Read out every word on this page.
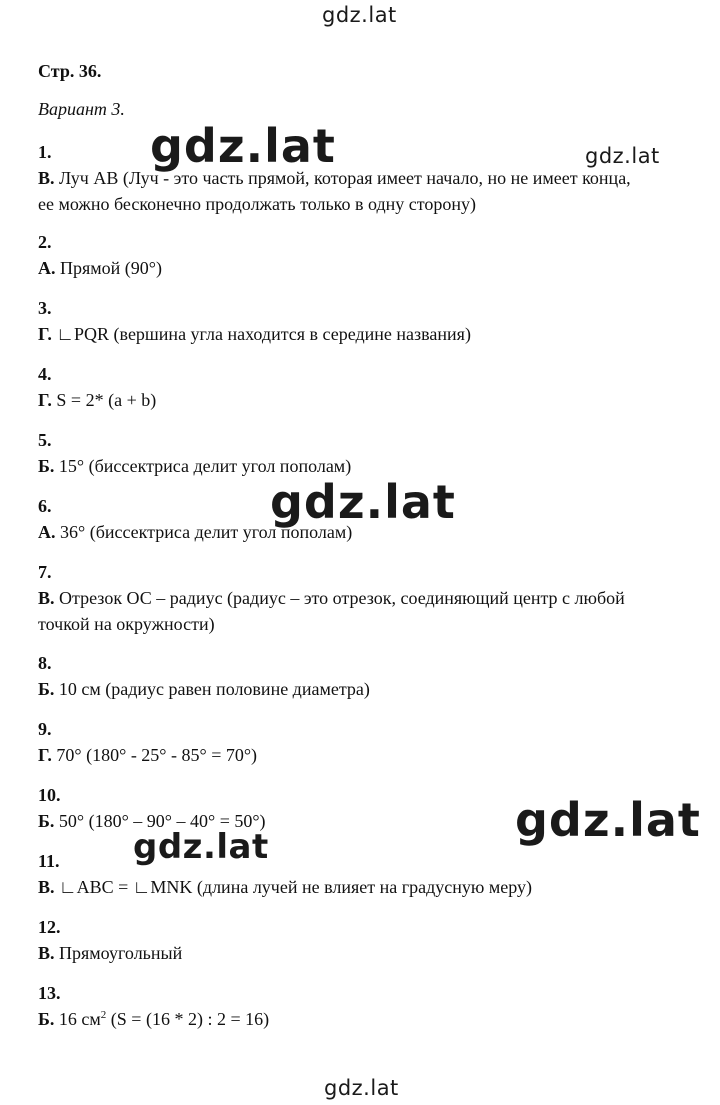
gdz.lat
gdz.lat
gdz.lat
gdz.lat
gdz.lat
gdz.lat
gdz.lat
Стр. 36.
Вариант 3.
1.
В. Луч АВ (Луч - это часть прямой, которая имеет начало, но не имеет конца,
ее можно бесконечно продолжать только в одну сторону)
2.
А. Прямой (90°)
3.
Г. ∟PQR (вершина угла находится в середине названия)
4.
Г. S = 2* (a + b)
5.
Б. 15° (биссектриса делит угол пополам)
6.
А. 36° (биссектриса делит угол пополам)
7.
В. Отрезок ОС – радиус (радиус – это отрезок, соединяющий центр с любой
точкой на окружности)
8.
Б. 10 см (радиус равен половине диаметра)
9.
Г. 70° (180° - 25° - 85° = 70°)
10.
Б. 50° (180° – 90° – 40° = 50°)
11.
В. ∟ABC = ∟MNK (длина лучей не влияет на градусную меру)
12.
В. Прямоугольный
13.
Б. 16 $см^2$ (S = (16 * 2) : 2 = 16)
